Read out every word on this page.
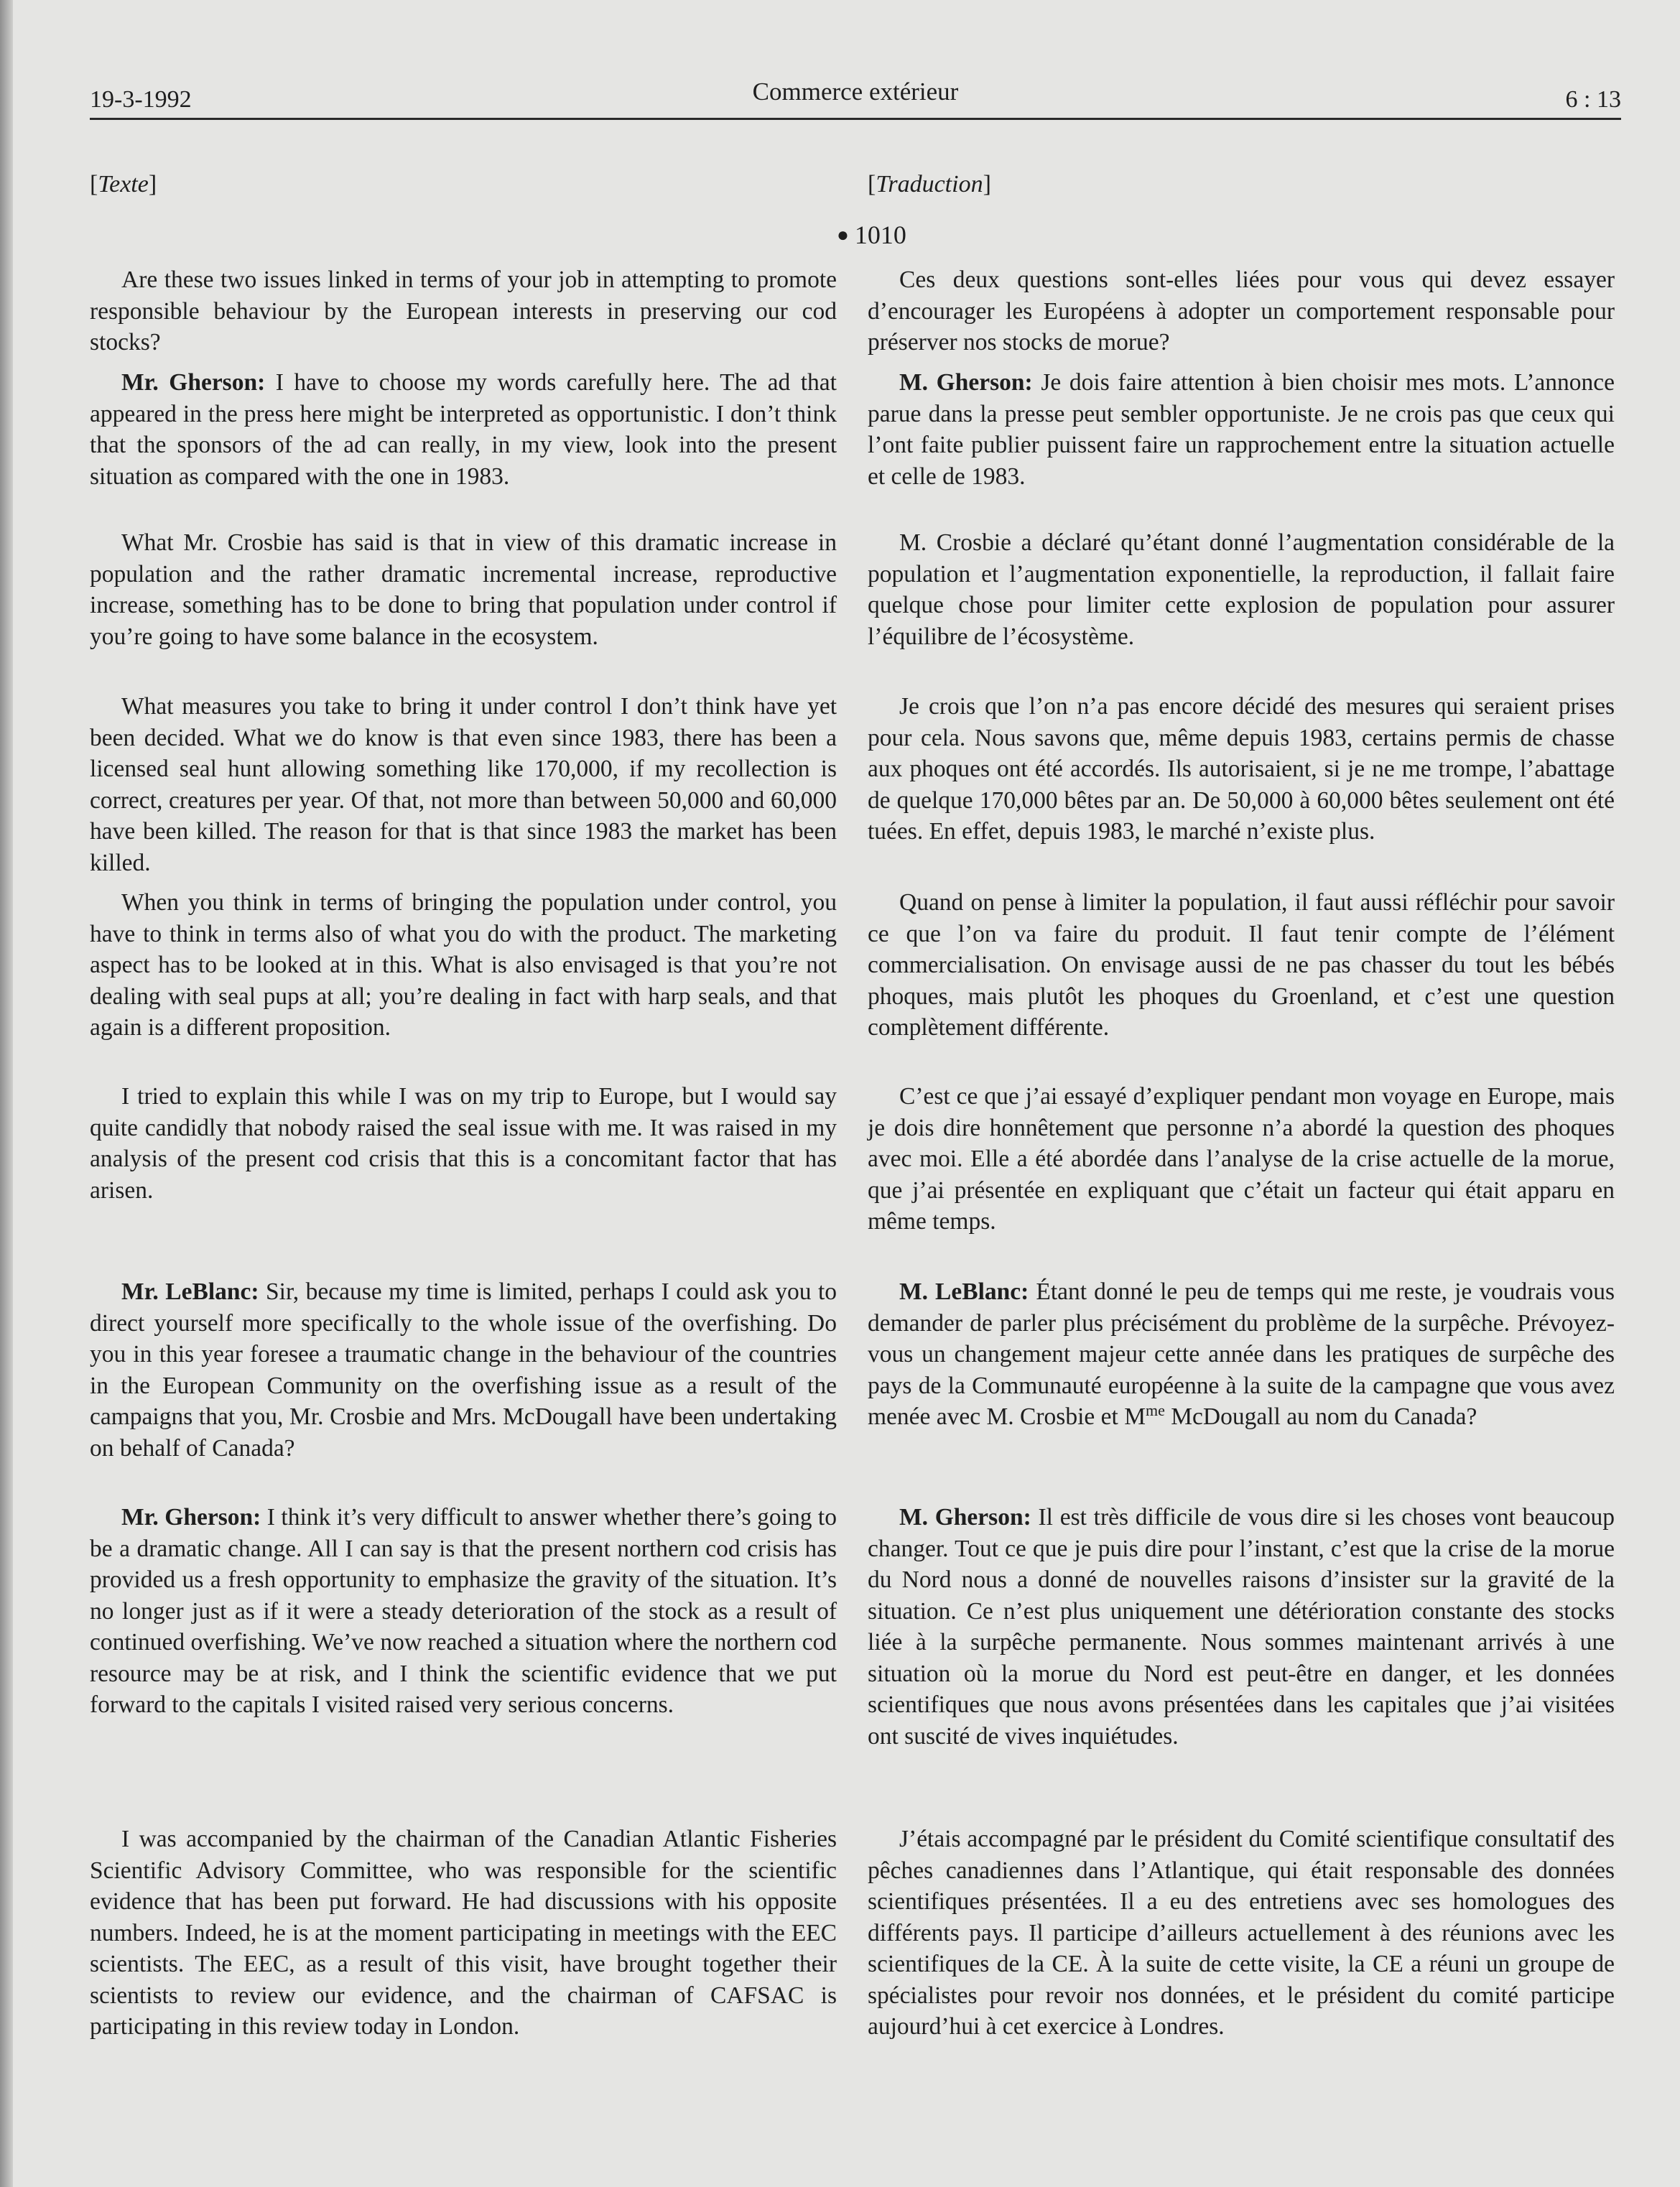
19-3-1992	Commerce extérieur	6 : 13
[Texte]
● 1010

Are these two issues linked in terms of your job in attempting to promote responsible behaviour by the European interests in preserving our cod stocks?

Mr. Gherson: I have to choose my words carefully here. The ad that appeared in the press here might be interpreted as opportunistic. I don’t think that the sponsors of the ad can really, in my view, look into the present situation as compared with the one in 1983.

What Mr. Crosbie has said is that in view of this dramatic increase in population and the rather dramatic incremental increase, reproductive increase, something has to be done to bring that population under control if you’re going to have some balance in the ecosystem.

What measures you take to bring it under control I don’t think have yet been decided. What we do know is that even since 1983, there has been a licensed seal hunt allowing something like 170,000, if my recollection is correct, creatures per year. Of that, not more than between 50,000 and 60,000 have been killed. The reason for that is that since 1983 the market has been killed.

When you think in terms of bringing the population under control, you have to think in terms also of what you do with the product. The marketing aspect has to be looked at in this. What is also envisaged is that you’re not dealing with seal pups at all; you’re dealing in fact with harp seals, and that again is a different proposition.

I tried to explain this while I was on my trip to Europe, but I would say quite candidly that nobody raised the seal issue with me. It was raised in my analysis of the present cod crisis that this is a concomitant factor that has arisen.

Mr. LeBlanc: Sir, because my time is limited, perhaps I could ask you to direct yourself more specifically to the whole issue of the overfishing. Do you in this year foresee a traumatic change in the behaviour of the countries in the European Community on the overfishing issue as a result of the campaigns that you, Mr. Crosbie and Mrs. McDougall have been undertaking on behalf of Canada?

Mr. Gherson: I think it’s very difficult to answer whether there’s going to be a dramatic change. All I can say is that the present northern cod crisis has provided us a fresh opportunity to emphasize the gravity of the situation. It’s no longer just as if it were a steady deterioration of the stock as a result of continued overfishing. We’ve now reached a situation where the northern cod resource may be at risk, and I think the scientific evidence that we put forward to the capitals I visited raised very serious concerns.

I was accompanied by the chairman of the Canadian Atlantic Fisheries Scientific Advisory Committee, who was responsible for the scientific evidence that has been put forward. He had discussions with his opposite numbers. Indeed, he is at the moment participating in meetings with the EEC scientists. The EEC, as a result of this visit, have brought together their scientists to review our evidence, and the chairman of CAFSAC is participating in this review today in London.

[Traduction]

Ces deux questions sont-elles liées pour vous qui devez essayer d’encourager les Européens à adopter un comportement responsable pour préserver nos stocks de morue?

M. Gherson: Je dois faire attention à bien choisir mes mots. L’annonce parue dans la presse peut sembler opportuniste. Je ne crois pas que ceux qui l’ont faite publier puissent faire un rapprochement entre la situation actuelle et celle de 1983.

M. Crosbie a déclaré qu’étant donné l’augmentation considérable de la population et l’augmentation exponentielle, la reproduction, il fallait faire quelque chose pour limiter cette explosion de population pour assurer l’équilibre de l’écosystème.

Je crois que l’on n’a pas encore décidé des mesures qui seraient prises pour cela. Nous savons que, même depuis 1983, certains permis de chasse aux phoques ont été accordés. Ils autorisaient, si je ne me trompe, l’abattage de quelque 170,000 bêtes par an. De 50,000 à 60,000 bêtes seulement ont été tuées. En effet, depuis 1983, le marché n’existe plus.

Quand on pense à limiter la population, il faut aussi réfléchir pour savoir ce que l’on va faire du produit. Il faut tenir compte de l’élément commercialisation. On envisage aussi de ne pas chasser du tout les bébés phoques, mais plutôt les phoques du Groenland, et c’est une question complètement différente.

C’est ce que j’ai essayé d’expliquer pendant mon voyage en Europe, mais je dois dire honnêtement que personne n’a abordé la question des phoques avec moi. Elle a été abordée dans l’analyse de la crise actuelle de la morue, que j’ai présentée en expliquant que c’était un facteur qui était apparu en même temps.

M. LeBlanc: Étant donné le peu de temps qui me reste, je voudrais vous demander de parler plus précisément du problème de la surpêche. Prévoyez-vous un changement majeur cette année dans les pratiques de surpêche des pays de la Communauté européenne à la suite de la campagne que vous avez menée avec M. Crosbie et $M^{me}$ McDougall au nom du Canada?

M. Gherson: Il est très difficile de vous dire si les choses vont beaucoup changer. Tout ce que je puis dire pour l’instant, c’est que la crise de la morue du Nord nous a donné de nouvelles raisons d’insister sur la gravité de la situation. Ce n’est plus uniquement une détérioration constante des stocks liée à la surpêche permanente. Nous sommes maintenant arrivés à une situation où la morue du Nord est peut-être en danger, et les données scientifiques que nous avons présentées dans les capitales que j’ai visitées ont suscité de vives inquiétudes.

J’étais accompagné par le président du Comité scientifique consultatif des pêches canadiennes dans l’Atlantique, qui était responsable des données scientifiques présentées. Il a eu des entretiens avec ses homologues des différents pays. Il participe d’ailleurs actuellement à des réunions avec les scientifiques de la CE. À la suite de cette visite, la CE a réuni un groupe de spécialistes pour revoir nos données, et le président du comité participe aujourd’hui à cet exercice à Londres.
